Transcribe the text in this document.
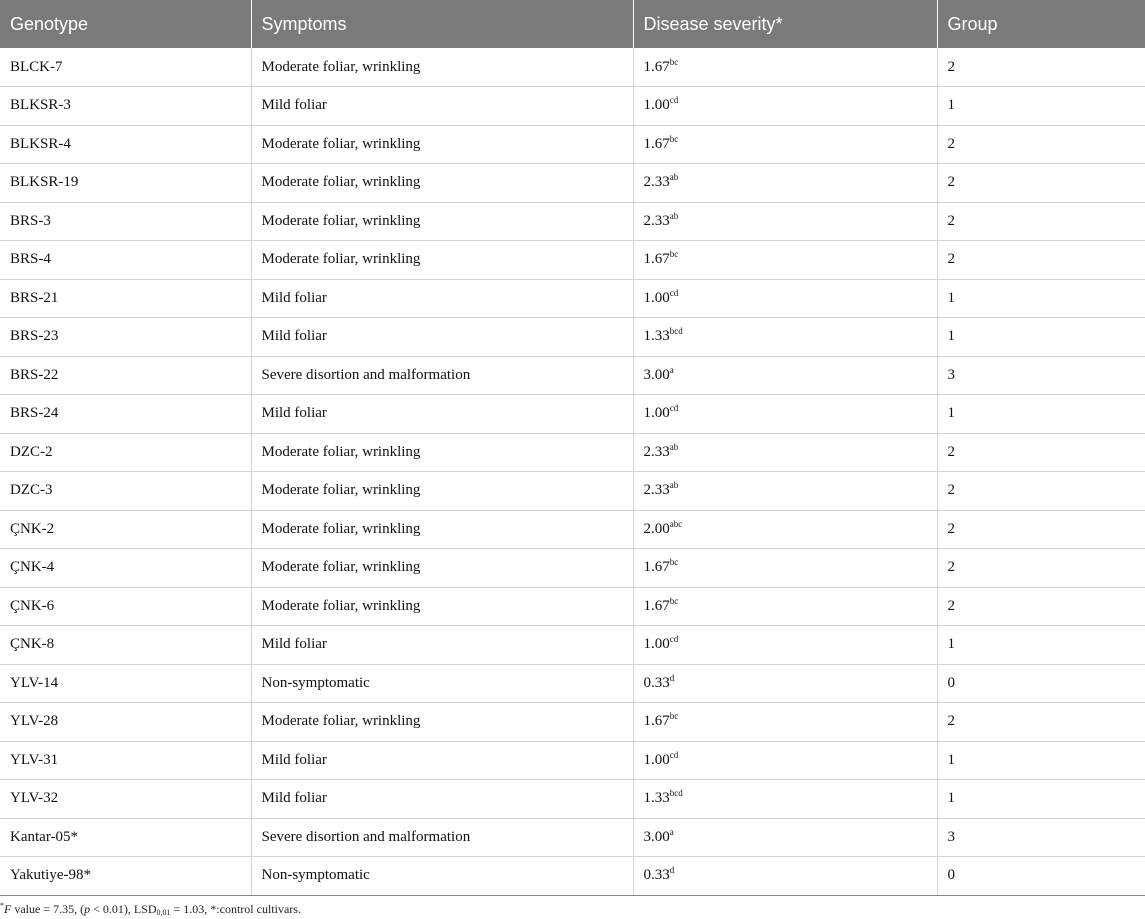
Genotype	Symptoms	Disease severity*	Group
BLCK-7	Moderate foliar, wrinkling	1.67$^{bc}$	2
BLKSR-3	Mild foliar	1.00$^{cd}$	1
BLKSR-4	Moderate foliar, wrinkling	1.67$^{bc}$	2
BLKSR-19	Moderate foliar, wrinkling	2.33$^{ab}$	2
BRS-3	Moderate foliar, wrinkling	2.33$^{ab}$	2
BRS-4	Moderate foliar, wrinkling	1.67$^{bc}$	2
BRS-21	Mild foliar	1.00$^{cd}$	1
BRS-23	Mild foliar	1.33$^{bcd}$	1
BRS-22	Severe disortion and malformation	3.00$^a$	3
BRS-24	Mild foliar	1.00$^{cd}$	1
DZC-2	Moderate foliar, wrinkling	2.33$^{ab}$	2
DZC-3	Moderate foliar, wrinkling	2.33$^{ab}$	2
ÇNK-2	Moderate foliar, wrinkling	2.00$^{abc}$	2
ÇNK-4	Moderate foliar, wrinkling	1.67$^{bc}$	2
ÇNK-6	Moderate foliar, wrinkling	1.67$^{bc}$	2
ÇNK-8	Mild foliar	1.00$^{cd}$	1
YLV-14	Non-symptomatic	0.33$^d$	0
YLV-28	Moderate foliar, wrinkling	1.67$^{bc}$	2
YLV-31	Mild foliar	1.00$^{cd}$	1
YLV-32	Mild foliar	1.33$^{bcd}$	1
Kantar-05*	Severe disortion and malformation	3.00$^a$	3
Yakutiye-98*	Non-symptomatic	0.33$^d$	0
*F value = 7.35, (p < 0.01), $LSD_{0,01} = 1.03$, *:control cultivars.
